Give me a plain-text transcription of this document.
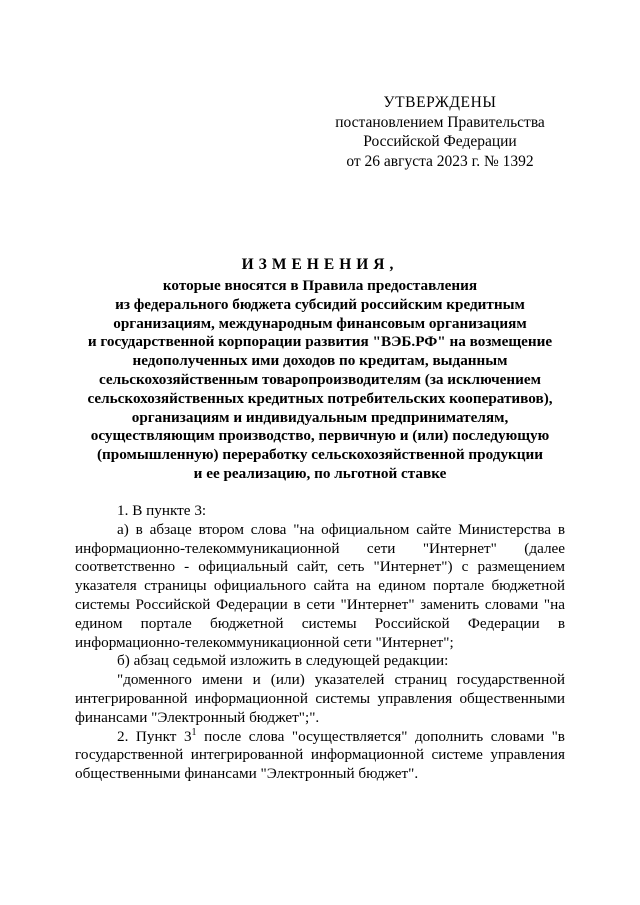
УТВЕРЖДЕНЫ
постановлением Правительства
Российской Федерации
от 26 августа 2023 г. № 1392
ИЗМЕНЕНИЯ,
которые вносятся в Правила предоставления
из федерального бюджета субсидий российским кредитным
организациям, международным финансовым организациям
и государственной корпорации развития "ВЭБ.РФ" на возмещение
недополученных ими доходов по кредитам, выданным
сельскохозяйственным товаропроизводителям (за исключением
сельскохозяйственных кредитных потребительских кооперативов),
организациям и индивидуальным предпринимателям,
осуществляющим производство, первичную и (или) последующую
(промышленную) переработку сельскохозяйственной продукции
и ее реализацию, по льготной ставке

1. В пункте 3:

а) в абзаце втором слова "на официальном сайте Министерства в информационно-телекоммуникационной сети "Интернет" (далее соответственно - официальный сайт, сеть "Интернет") с размещением указателя страницы официального сайта на едином портале бюджетной системы Российской Федерации в сети "Интернет" заменить словами "на едином портале бюджетной системы Российской Федерации в информационно-телекоммуникационной сети "Интернет";

б) абзац седьмой изложить в следующей редакции:

"доменного имени и (или) указателей страниц государственной интегрированной информационной системы управления общественными финансами "Электронный бюджет";".

2. Пункт $3^1$ после слова "осуществляется" дополнить словами "в государственной интегрированной информационной системе управления общественными финансами "Электронный бюджет".
